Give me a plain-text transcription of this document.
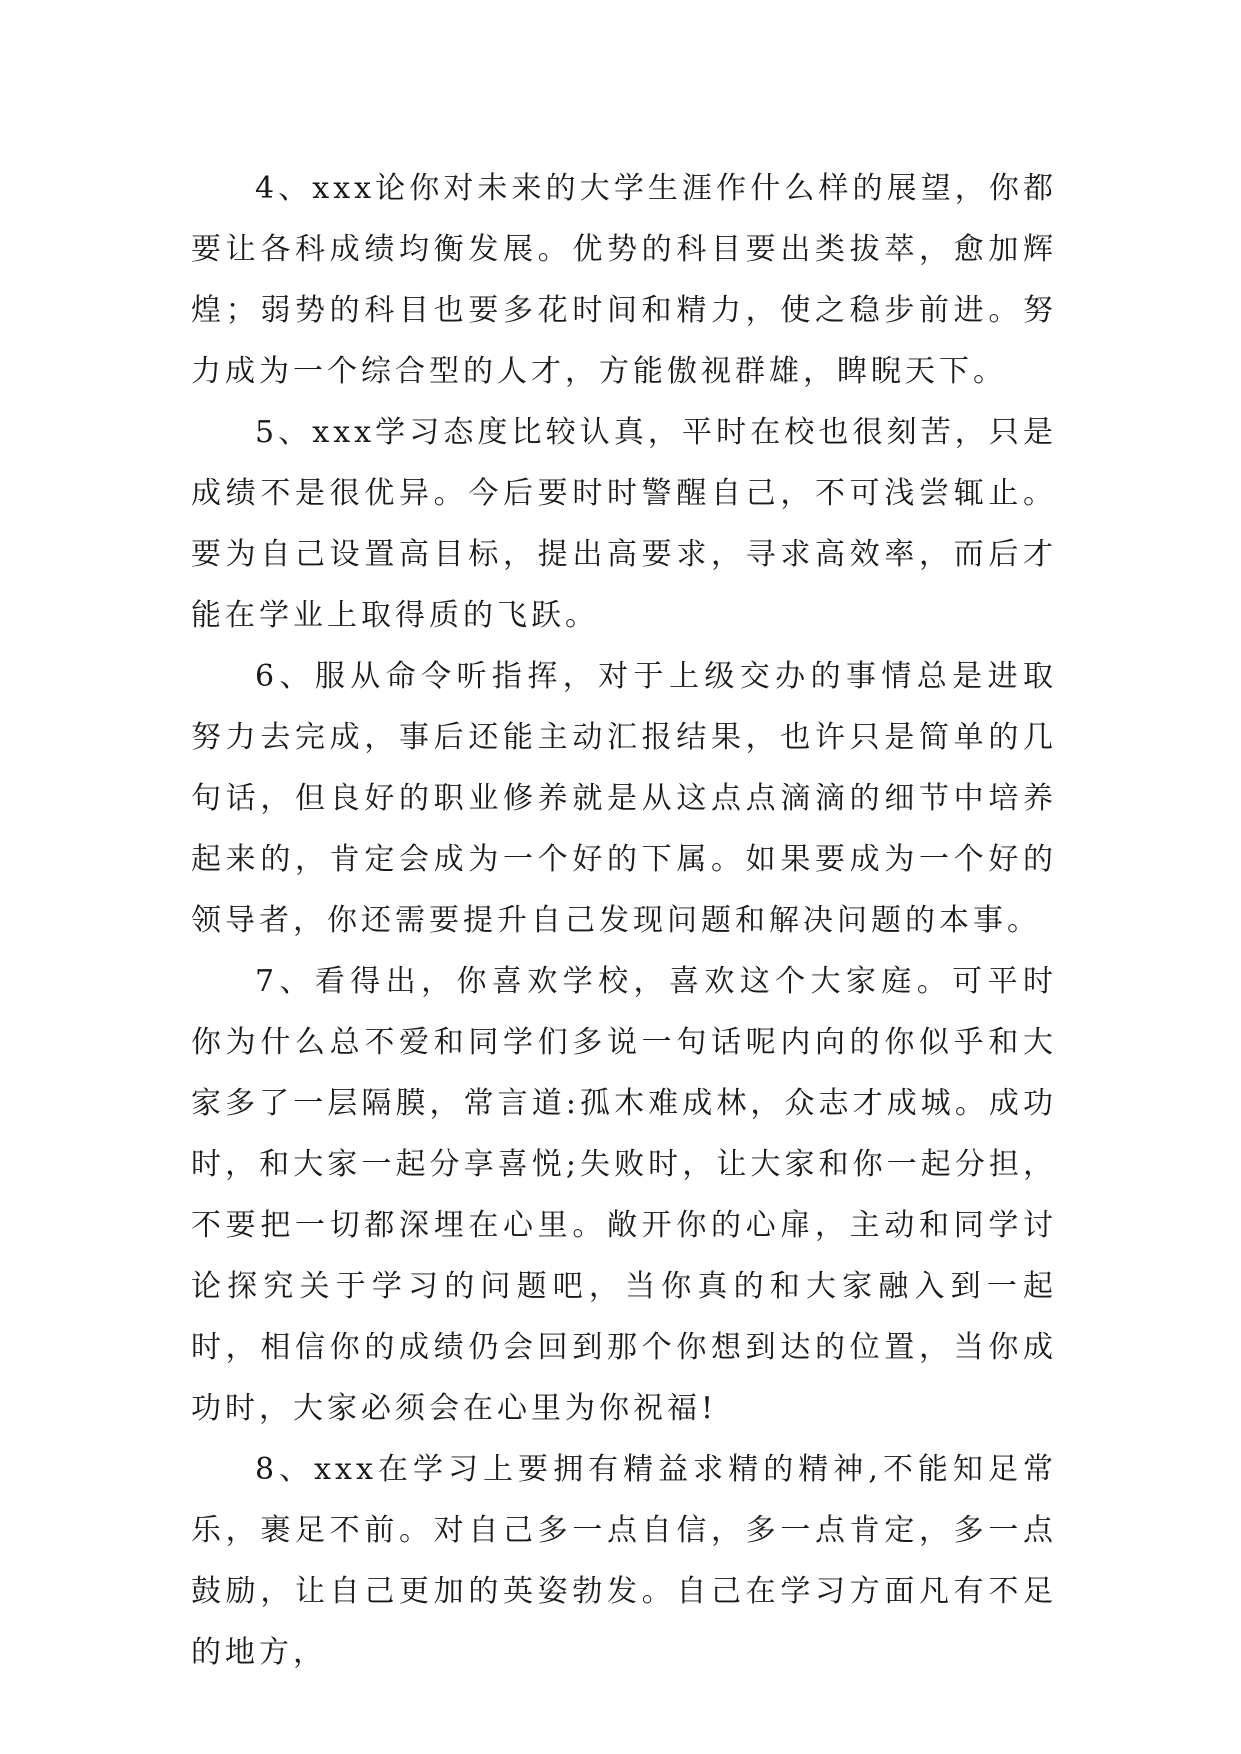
4、xxx论你对未来的大学生涯作什么样的展望，你都要让各科成绩均衡发展。优势的科目要出类拔萃，愈加辉煌；弱势的科目也要多花时间和精力，使之稳步前进。努力成为一个综合型的人才，方能傲视群雄，睥睨天下。

5、xxx学习态度比较认真，平时在校也很刻苦，只是成绩不是很优异。今后要时时警醒自己，不可浅尝辄止。要为自己设置高目标，提出高要求，寻求高效率，而后才能在学业上取得质的飞跃。

6、服从命令听指挥，对于上级交办的事情总是进取努力去完成，事后还能主动汇报结果，也许只是简单的几句话，但良好的职业修养就是从这点点滴滴的细节中培养起来的，肯定会成为一个好的下属。如果要成为一个好的领导者，你还需要提升自己发现问题和解决问题的本事。

7、看得出，你喜欢学校，喜欢这个大家庭。可平时你为什么总不爱和同学们多说一句话呢内向的你似乎和大家多了一层隔膜，常言道:孤木难成林，众志才成城。成功时，和大家一起分享喜悦;失败时，让大家和你一起分担，不要把一切都深埋在心里。敞开你的心扉，主动和同学讨论探究关于学习的问题吧，当你真的和大家融入到一起时，相信你的成绩仍会回到那个你想到达的位置，当你成功时，大家必须会在心里为你祝福!

8、xxx在学习上要拥有精益求精的精神,不能知足常乐，裹足不前。对自己多一点自信，多一点肯定，多一点鼓励，让自己更加的英姿勃发。自己在学习方面凡有不足的地方，
